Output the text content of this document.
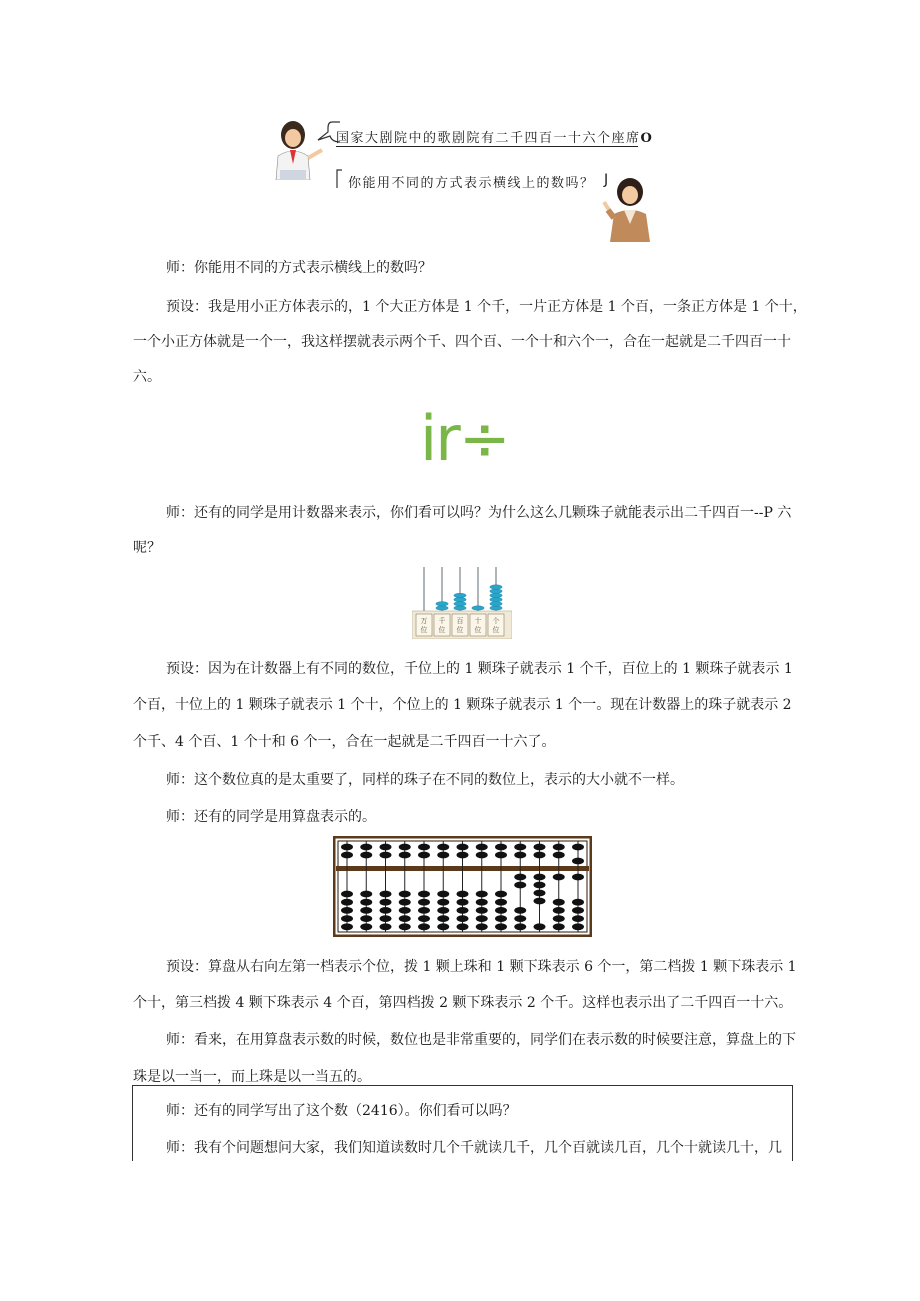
国家大剧院中的歌剧院有二千四百一十六个座席O
你能用不同的方式表示横线上的数吗？ J
师：你能用不同的方式表示横线上的数吗？
预设：我是用小正方体表示的，1 个大正方体是 1 个千，一片正方体是 1 个百，一条正方体是 1 个十，
一个小正方体就是一个一，我这样摆就表示两个千、四个百、一个十和六个一，合在一起就是二千四百一十
六。
ir÷
师：还有的同学是用计数器来表示，你们看可以吗？为什么这么几颗珠子就能表示出二千四百一--P 六
呢？
万
位
千
位
百
位
十
位
个
位
预设：因为在计数器上有不同的数位，千位上的 1 颗珠子就表示 1 个千，百位上的 1 颗珠子就表示 1
个百，十位上的 1 颗珠子就表示 1 个十，个位上的 1 颗珠子就表示 1 个一。现在计数器上的珠子就表示 2
个千、4 个百、1 个十和 6 个一，合在一起就是二千四百一十六了。
师：这个数位真的是太重要了，同样的珠子在不同的数位上，表示的大小就不一样。
师：还有的同学是用算盘表示的。
预设：算盘从右向左第一档表示个位，拨 1 颗上珠和 1 颗下珠表示 6 个一，第二档拨 1 颗下珠表示 1
个十，第三档拨 4 颗下珠表示 4 个百，第四档拨 2 颗下珠表示 2 个千。这样也表示出了二千四百一十六。
师：看来，在用算盘表示数的时候，数位也是非常重要的，同学们在表示数的时候要注意，算盘上的下
珠是以一当一，而上珠是以一当五的。
师：还有的同学写出了这个数（2416）。你们看可以吗？
师：我有个问题想问大家，我们知道读数时几个千就读几千，几个百就读几百，几个十就读几十，几
